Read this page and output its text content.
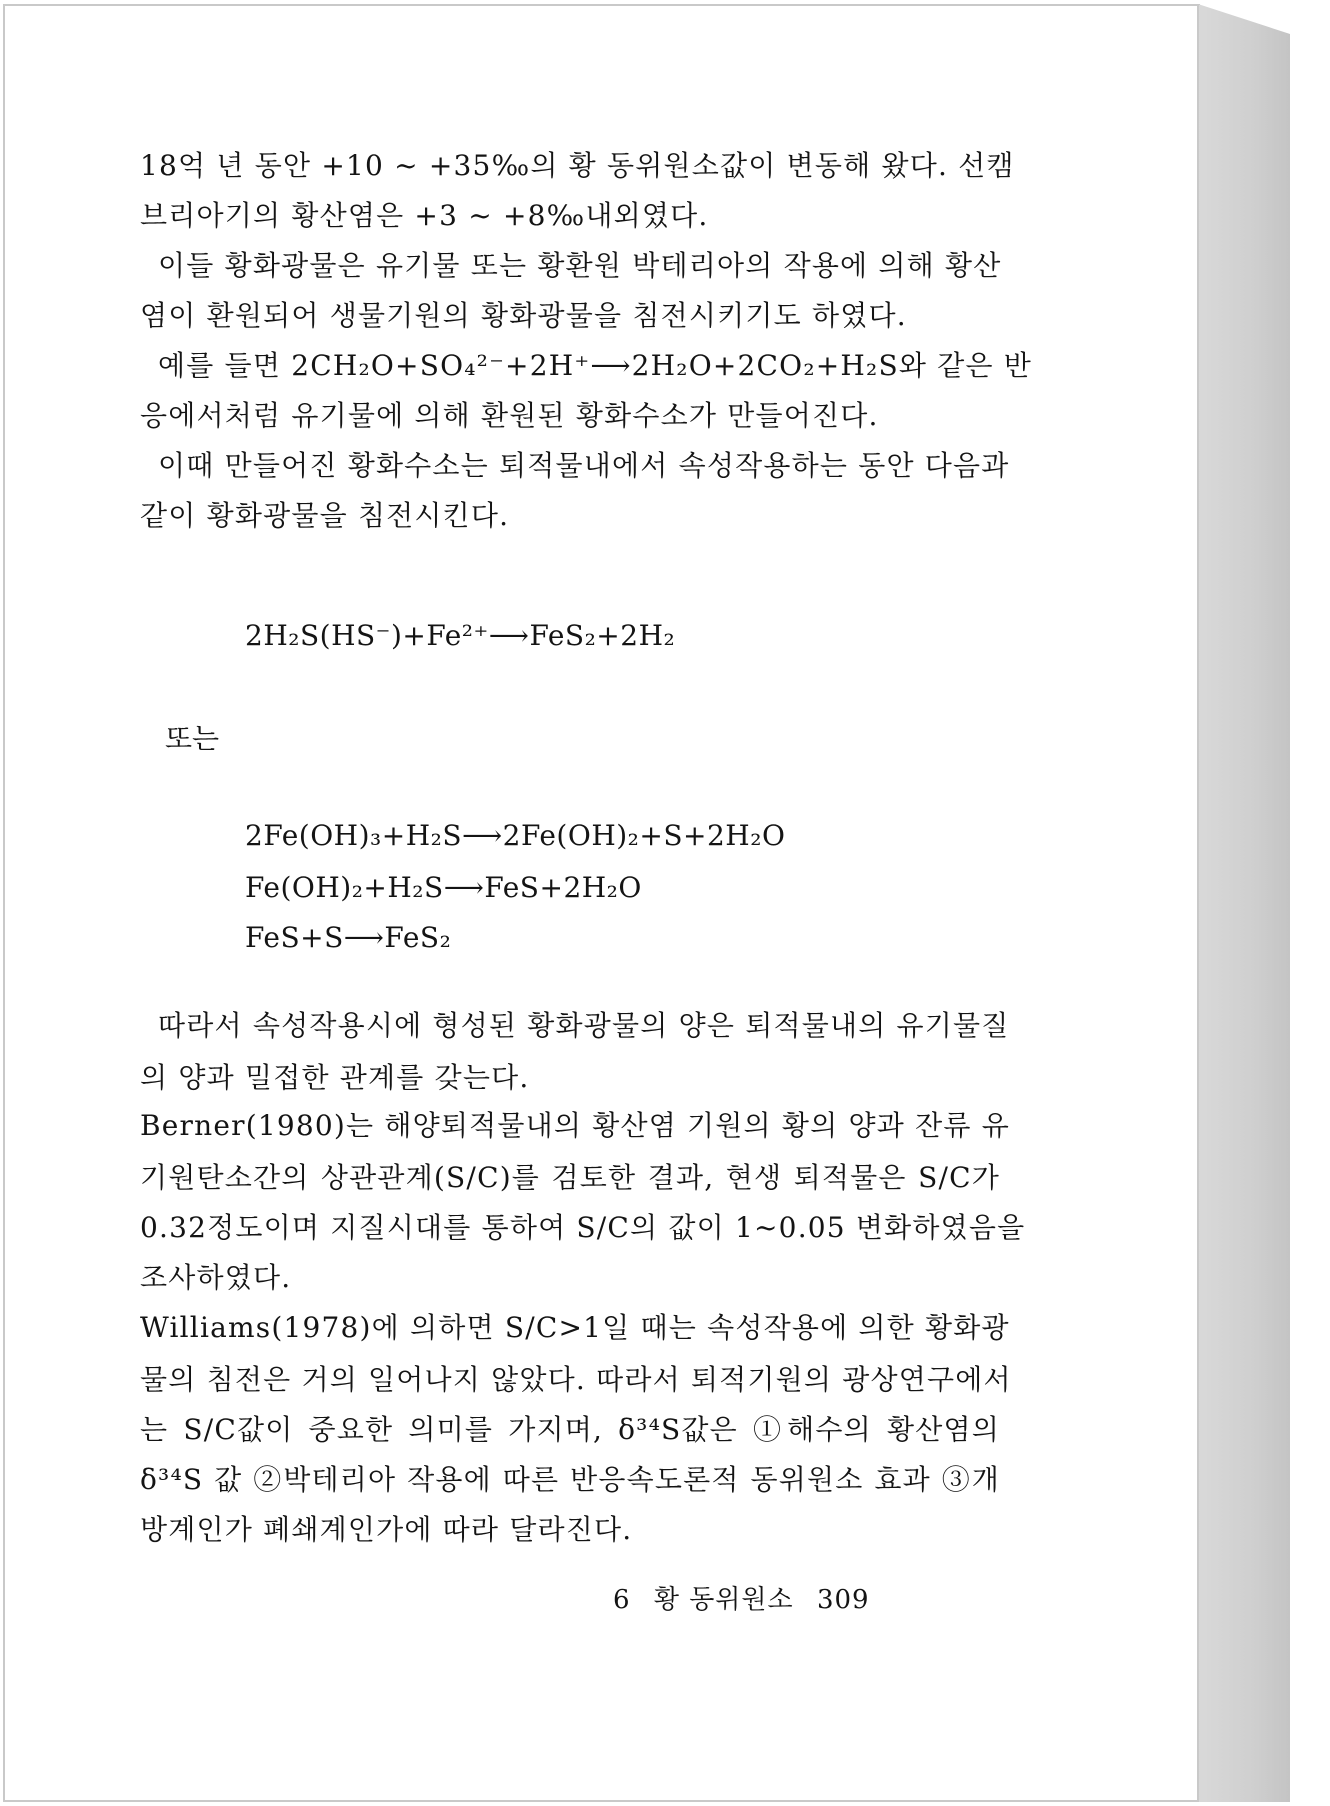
18억 년 동안 +10 ~ +35‰의 황 동위원소값이 변동해 왔다. 선캠
브리아기의 황산염은 +3 ~ +8‰내외였다.
이들 황화광물은 유기물 또는 황환원 박테리아의 작용에 의해 황산
염이 환원되어 생물기원의 황화광물을 침전시키기도 하였다.
예를 들면 2CH₂O+SO₄²⁻+2H⁺⟶2H₂O+2CO₂+H₂S와 같은 반
응에서처럼 유기물에 의해 환원된 황화수소가 만들어진다.
이때 만들어진 황화수소는 퇴적물내에서 속성작용하는 동안 다음과
같이 황화광물을 침전시킨다.
2H₂S(HS⁻)+Fe²⁺⟶FeS₂+2H₂
또는
2Fe(OH)₃+H₂S⟶2Fe(OH)₂+S+2H₂O
Fe(OH)₂+H₂S⟶FeS+2H₂O
FeS+S⟶FeS₂
따라서 속성작용시에 형성된 황화광물의 양은 퇴적물내의 유기물질
의 양과 밀접한 관계를 갖는다.
Berner(1980)는 해양퇴적물내의 황산염 기원의 황의 양과 잔류 유
기원탄소간의 상관관계(S/C)를 검토한 결과, 현생 퇴적물은 S/C가
0.32정도이며 지질시대를 통하여 S/C의 값이 1~0.05 변화하였음을
조사하였다.
Williams(1978)에 의하면 S/C>1일 때는 속성작용에 의한 황화광
물의 침전은 거의 일어나지 않았다. 따라서 퇴적기원의 광상연구에서
는 S/C값이 중요한 의미를 가지며, δ³⁴S값은 ①해수의 황산염의
δ³⁴S 값 ②박테리아 작용에 따른 반응속도론적 동위원소 효과 ③개
방계인가 폐쇄계인가에 따라 달라진다.
6 황 동위원소 309
